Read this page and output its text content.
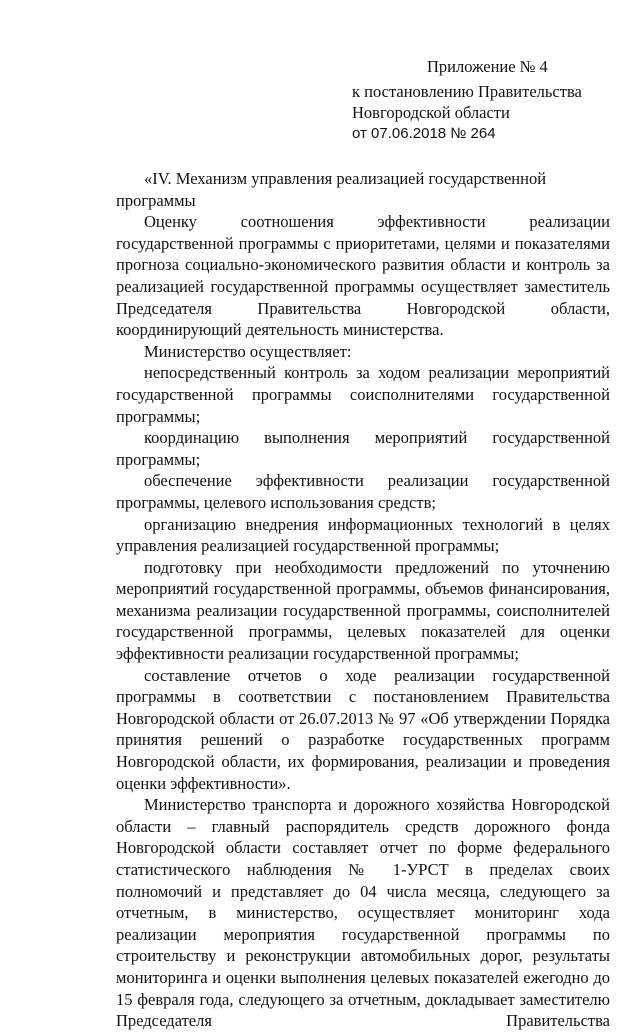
Приложение № 4
к постановлению Правительства
Новгородской области
от 07.06.2018 № 264

«IV. Механизм управления реализацией государственной программы

Оценку соотношения эффективности реализации государственной программы с приоритетами, целями и показателями прогноза социально-экономического развития области и контроль за реализацией государственной программы осуществляет заместитель Председателя Правительства Новгородской области, координирующий деятельность министерства.

Министерство осуществляет:

непосредственный контроль за ходом реализации мероприятий государственной программы соисполнителями государственной программы;

координацию выполнения мероприятий государственной программы;

обеспечение эффективности реализации государственной программы, целевого использования средств;

организацию внедрения информационных технологий в целях управления реализацией государственной программы;

подготовку при необходимости предложений по уточнению мероприятий государственной программы, объемов финансирования, механизма реализации государственной программы, соисполнителей государственной программы, целевых показателей для оценки эффективности реализации государственной программы;

составление отчетов о ходе реализации государственной программы в соответствии с постановлением Правительства Новгородской области от 26.07.2013 № 97 «Об утверждении Порядка принятия решений о разработке государственных программ Новгородской области, их формирования, реализации и проведения оценки эффективности».

Министерство транспорта и дорожного хозяйства Новгородской области – главный распорядитель средств дорожного фонда Новгородской области составляет отчет по форме федерального статистического наблюдения № 1-УРСТ в пределах своих полномочий и представляет до 04 числа месяца, следующего за отчетным, в министерство, осуществляет мониторинг хода реализации мероприятия государственной программы по строительству и реконструкции автомобильных дорог, результаты мониторинга и оценки выполнения целевых показателей ежегодно до 15 февраля года, следующего за отчетным, докладывает заместителю Председателя Правительства
